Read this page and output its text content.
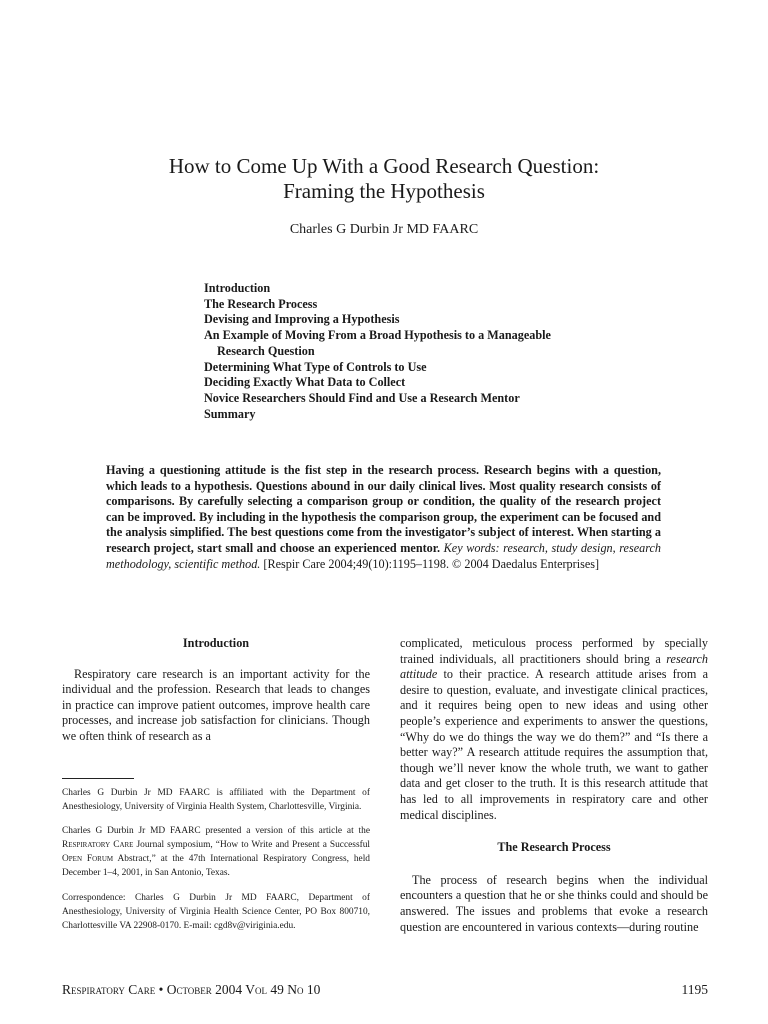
How to Come Up With a Good Research Question:
Framing the Hypothesis
Charles G Durbin Jr MD FAARC
Introduction
The Research Process
Devising and Improving a Hypothesis
An Example of Moving From a Broad Hypothesis to a Manageable
Research Question
Determining What Type of Controls to Use
Deciding Exactly What Data to Collect
Novice Researchers Should Find and Use a Research Mentor
Summary
Having a questioning attitude is the fist step in the research process. Research begins with a question, which leads to a hypothesis. Questions abound in our daily clinical lives. Most quality research consists of comparisons. By carefully selecting a comparison group or condition, the quality of the research project can be improved. By including in the hypothesis the comparison group, the experiment can be focused and the analysis simplified. The best questions come from the investigator’s subject of interest. When starting a research project, start small and choose an experienced mentor. Key words: research, study design, research methodology, scientific method. [Respir Care 2004;49(10):1195–1198. © 2004 Daedalus Enterprises]

Introduction

Respiratory care research is an important activity for the individual and the profession. Research that leads to changes in practice can improve patient outcomes, improve health care processes, and increase job satisfaction for clinicians. Though we often think of research as a

Charles G Durbin Jr MD FAARC is affiliated with the Department of Anesthesiology, University of Virginia Health System, Charlottesville, Virginia.

Charles G Durbin Jr MD FAARC presented a version of this article at the Respiratory Care Journal symposium, “How to Write and Present a Successful Open Forum Abstract,” at the 47th International Respiratory Congress, held December 1–4, 2001, in San Antonio, Texas.

Correspondence: Charles G Durbin Jr MD FAARC, Department of Anesthesiology, University of Virginia Health Science Center, PO Box 800710, Charlottesville VA 22908-0170. E-mail: cgd8v@viriginia.edu.

complicated, meticulous process performed by specially trained individuals, all practitioners should bring a research attitude to their practice. A research attitude arises from a desire to question, evaluate, and investigate clinical practices, and it requires being open to new ideas and using other people’s experience and experiments to answer the questions, “Why do we do things the way we do them?” and “Is there a better way?” A research attitude requires the assumption that, though we’ll never know the whole truth, we want to gather data and get closer to the truth. It is this research attitude that has led to all improvements in respiratory care and other medical disciplines.

The Research Process

The process of research begins when the individual encounters a question that he or she thinks could and should be answered. The issues and problems that evoke a research question are encountered in various contexts—during routine

Respiratory Care • October 2004 Vol 49 No 10	1195
